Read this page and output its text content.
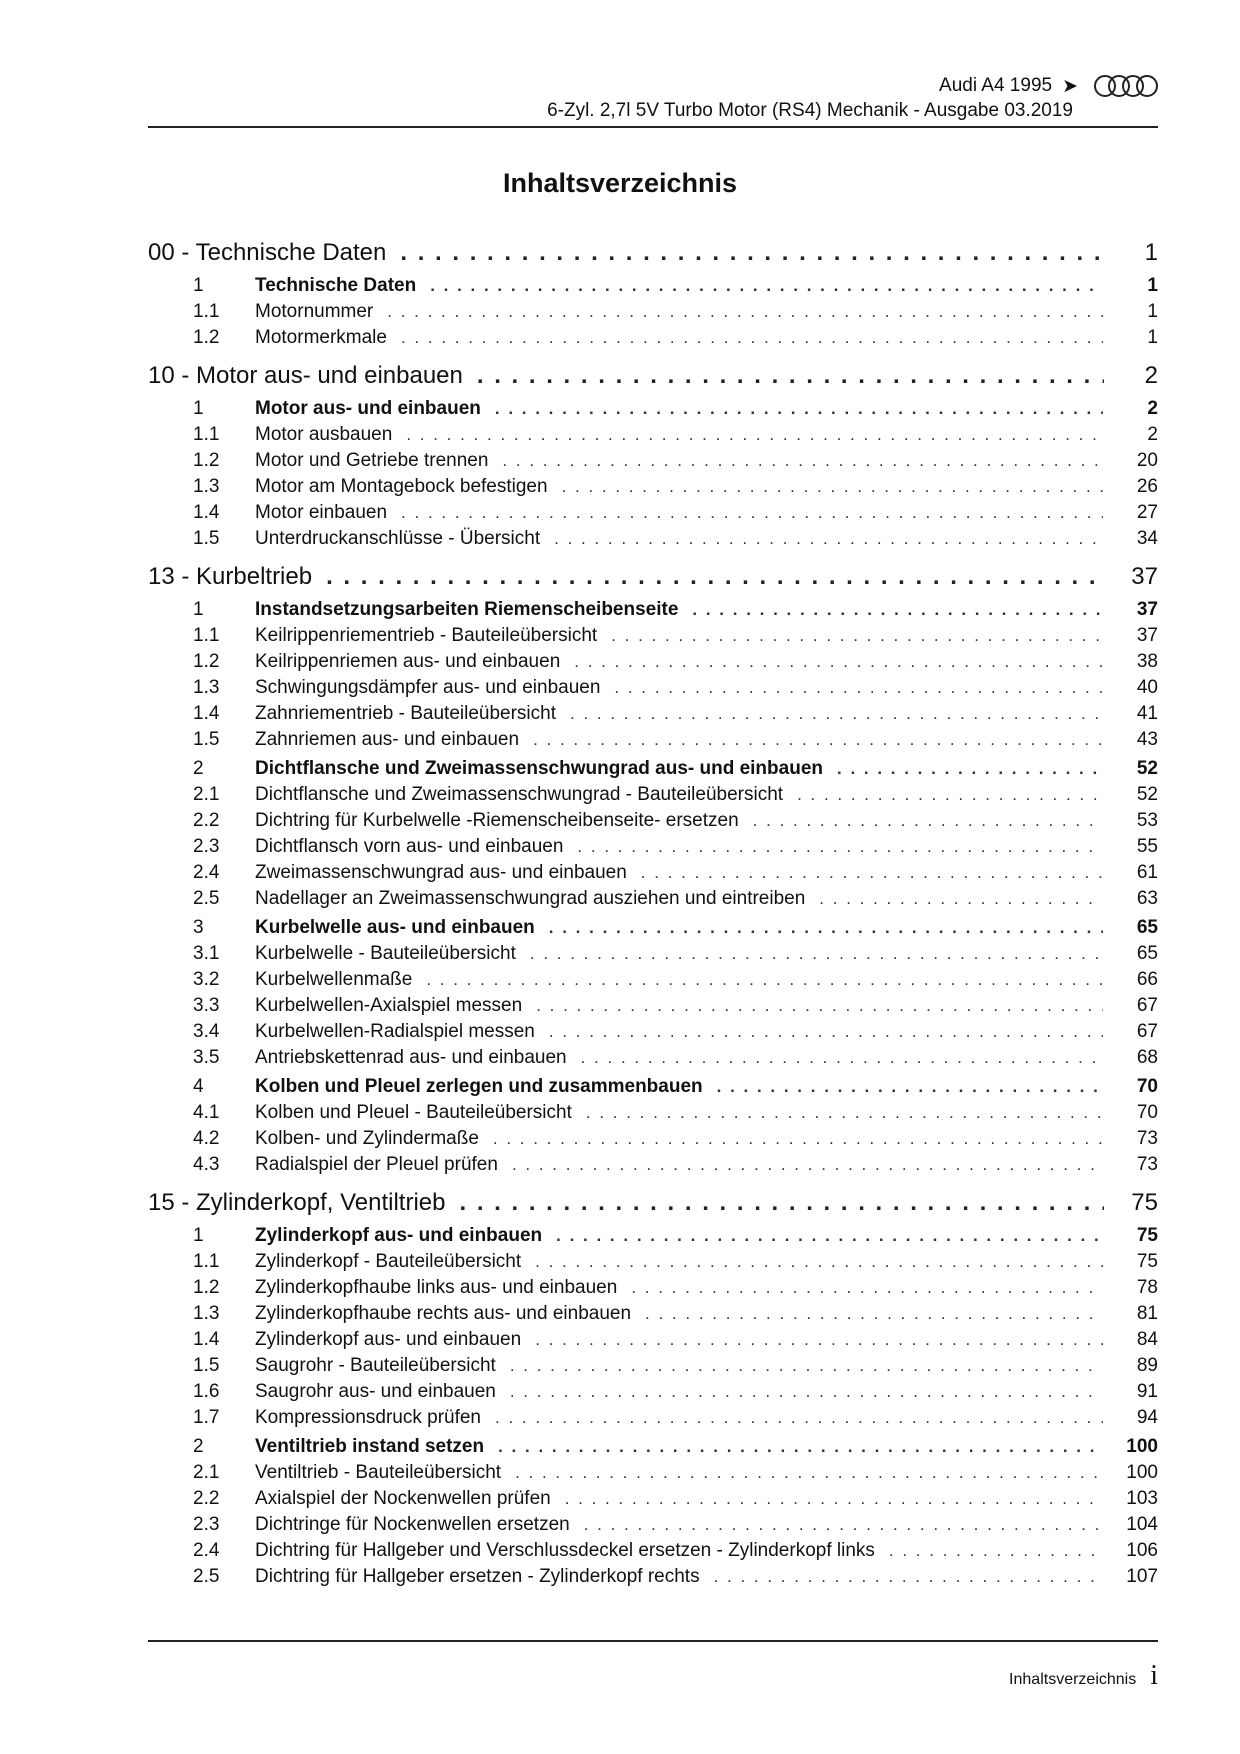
Audi A4 1995 ➤
6-Zyl. 2,7l 5V Turbo Motor (RS4) Mechanik - Ausgabe 03.2019
Inhaltsverzeichnis
00 - Technische Daten . . .	1
1	Technische Daten . . .	1
1.1	Motornummer . . .	1
1.2	Motormerkmale . . .	1
10 - Motor aus- und einbauen . . .	2
1	Motor aus- und einbauen . . .	2
1.1	Motor ausbauen . . .	2
1.2	Motor und Getriebe trennen . . .	20
1.3	Motor am Montagebock befestigen . . .	26
1.4	Motor einbauen . . .	27
1.5	Unterdruckanschlüsse - Übersicht . . .	34
13 - Kurbeltrieb . . .	37
1	Instandsetzungsarbeiten Riemenscheibenseite . . .	37
1.1	Keilrippenriementrieb - Bauteileübersicht . . .	37
1.2	Keilrippenriemen aus- und einbauen . . .	38
1.3	Schwingungsdämpfer aus- und einbauen . . .	40
1.4	Zahnriementrieb - Bauteileübersicht . . .	41
1.5	Zahnriemen aus- und einbauen . . .	43
2	Dichtflansche und Zweimassenschwungrad aus- und einbauen . . .	52
2.1	Dichtflansche und Zweimassenschwungrad - Bauteileübersicht . . .	52
2.2	Dichtring für Kurbelwelle -Riemenscheibenseite- ersetzen . . .	53
2.3	Dichtflansch vorn aus- und einbauen . . .	55
2.4	Zweimassenschwungrad aus- und einbauen . . .	61
2.5	Nadellager an Zweimassenschwungrad ausziehen und eintreiben . . .	63
3	Kurbelwelle aus- und einbauen . . .	65
3.1	Kurbelwelle - Bauteileübersicht . . .	65
3.2	Kurbelwellenmaße . . .	66
3.3	Kurbelwellen-Axialspiel messen . . .	67
3.4	Kurbelwellen-Radialspiel messen . . .	67
3.5	Antriebskettenrad aus- und einbauen . . .	68
4	Kolben und Pleuel zerlegen und zusammenbauen . . .	70
4.1	Kolben und Pleuel - Bauteileübersicht . . .	70
4.2	Kolben- und Zylindermaße . . .	73
4.3	Radialspiel der Pleuel prüfen . . .	73
15 - Zylinderkopf, Ventiltrieb . . .	75
1	Zylinderkopf aus- und einbauen . . .	75
1.1	Zylinderkopf - Bauteileübersicht . . .	75
1.2	Zylinderkopfhaube links aus- und einbauen . . .	78
1.3	Zylinderkopfhaube rechts aus- und einbauen . . .	81
1.4	Zylinderkopf aus- und einbauen . . .	84
1.5	Saugrohr - Bauteileübersicht . . .	89
1.6	Saugrohr aus- und einbauen . . .	91
1.7	Kompressionsdruck prüfen . . .	94
2	Ventiltrieb instand setzen . . .	100
2.1	Ventiltrieb - Bauteileübersicht . . .	100
2.2	Axialspiel der Nockenwellen prüfen . . .	103
2.3	Dichtringe für Nockenwellen ersetzen . . .	104
2.4	Dichtring für Hallgeber und Verschlussdeckel ersetzen - Zylinderkopf links . . .	106
2.5	Dichtring für Hallgeber ersetzen - Zylinderkopf rechts . . .	107
Inhaltsverzeichnis i
